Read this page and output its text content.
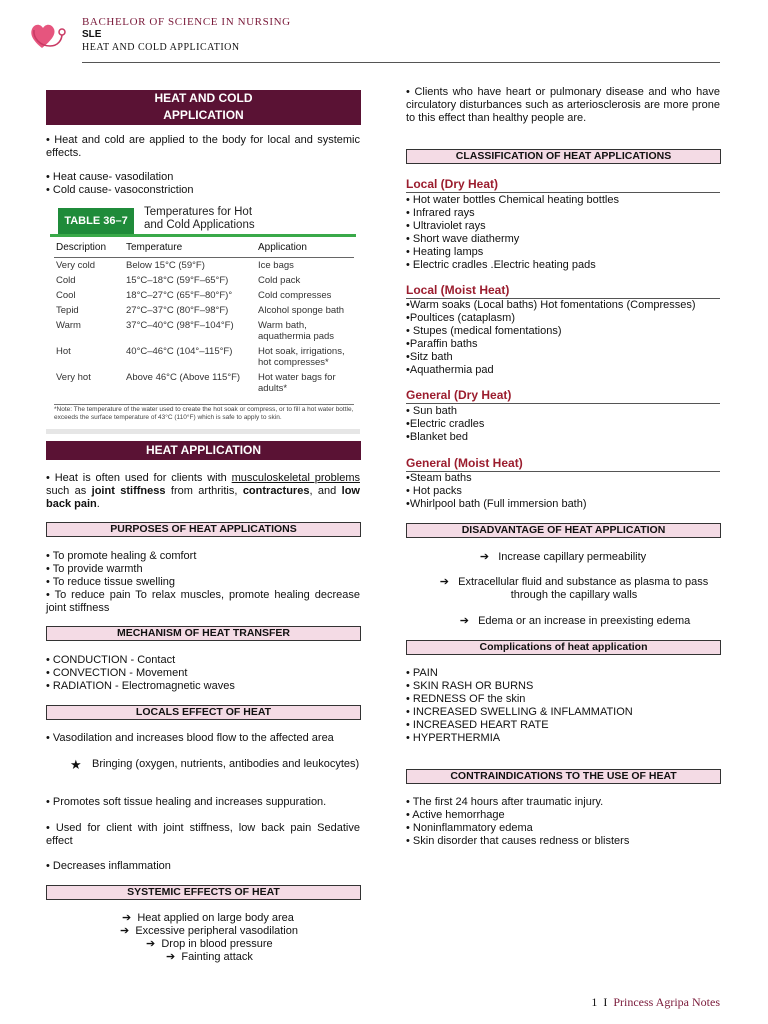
BACHELOR OF SCIENCE IN NURSING
SLE
HEAT AND COLD APPLICATION
HEAT AND COLD
APPLICATION
• Heat and cold are applied to the body for local and systemic effects.
• Heat cause- vasodilation
• Cold cause- vasoconstriction
TABLE 36–7
Temperatures for Hot
and Cold Applications
Description	Temperature	Application
Very cold	Below 15°C (59°F)	Ice bags
Cold	15°C–18°C (59°F–65°F)	Cold pack
Cool	18°C–27°C (65°F–80°F)°	Cold compresses
Tepid	27°C–37°C (80°F–98°F)	Alcohol sponge bath
Warm	37°C–40°C (98°F–104°F)	Warm bath, aquathermia pads
Hot	40°C–46°C (104°–115°F)	Hot soak, irrigations, hot compresses*
Very hot	Above 46°C (Above 115°F)	Hot water bags for adults*
*Note: The temperature of the water used to create the hot soak or compress, or to fill a hot water bottle, exceeds the surface temperature of 43°C (110°F) which is safe to apply to skin.
HEAT APPLICATION
• Heat is often used for clients with musculoskeletal problems such as joint stiffness from arthritis, contractures, and low back pain.
PURPOSES OF HEAT APPLICATIONS
• To promote healing & comfort
• To provide warmth
• To reduce tissue swelling
• To reduce pain To relax muscles, promote healing decrease joint stiffness
MECHANISM OF HEAT TRANSFER
• CONDUCTION - Contact
• CONVECTION - Movement
• RADIATION - Electromagnetic waves
LOCALS EFFECT OF HEAT
• Vasodilation and increases blood flow to the affected area
★ Bringing (oxygen, nutrients, antibodies and leukocytes)
• Promotes soft tissue healing and increases suppuration.
• Used for client with joint stiffness, low back pain Sedative effect
• Decreases inflammation
SYSTEMIC EFFECTS OF HEAT
➔ Heat applied on large body area
➔ Excessive peripheral vasodilation
➔ Drop in blood pressure
➔ Fainting attack
• Clients who have heart or pulmonary disease and who have circulatory disturbances such as arteriosclerosis are more prone to this effect than healthy people are.
CLASSIFICATION OF HEAT APPLICATIONS
Local (Dry Heat)
• Hot water bottles Chemical heating bottles
• Infrared rays
• Ultraviolet rays
• Short wave diathermy
• Heating lamps
• Electric cradles .Electric heating pads
Local (Moist Heat)
•Warm soaks (Local baths) Hot fomentations (Compresses)
•Poultices (cataplasm)
• Stupes (medical fomentations)
•Paraffin baths
•Sitz bath
•Aquathermia pad
General (Dry Heat)
• Sun bath
•Electric cradles
•Blanket bed
General (Moist Heat)
•Steam baths
• Hot packs
•Whirlpool bath (Full immersion bath)
DISADVANTAGE OF HEAT APPLICATION
➔ Increase capillary permeability
➔ Extracellular fluid and substance as plasma to pass through the capillary walls
➔ Edema or an increase in preexisting edema
Complications of heat application
• PAIN
• SKIN RASH OR BURNS
• REDNESS OF the skin
• INCREASED SWELLING & INFLAMMATION
• INCREASED HEART RATE
• HYPERTHERMIA
CONTRAINDICATIONS TO THE USE OF HEAT
• The first 24 hours after traumatic injury.
• Active hemorrhage
• Noninflammatory edema
• Skin disorder that causes redness or blisters
1 I Princess Agripa Notes
